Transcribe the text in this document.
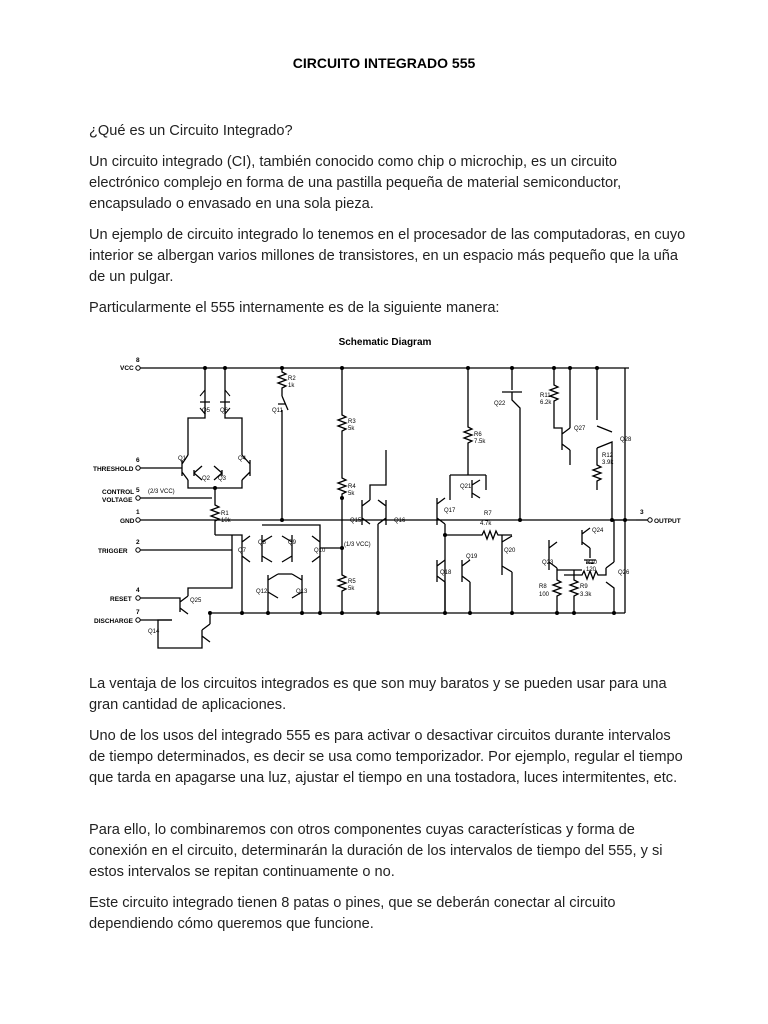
CIRCUITO INTEGRADO 555

¿Qué es un Circuito Integrado?

Un circuito integrado (CI), también conocido como chip o microchip, es un circuito electrónico complejo en forma de una pastilla pequeña de material semiconductor, encapsulado o envasado en una sola pieza.

Un ejemplo de circuito integrado lo tenemos en el procesador de las computadoras, en cuyo interior se albergan varios millones de transistores, en un espacio más pequeño que la uña de un pulgar.

Particularmente el 555 internamente es de la siguiente manera:

Schematic Diagram
8
VCC
6
THRESHOLD
5
CONTROL
VOLTAGE
(2/3 VCC)
1
GND
2
TRIGGER
4
RESET
7
DISCHARGE
3
OUTPUT
R2
1k
Q11
R3
5k
R4
5k
R5
5k
R1
10k
R6
7.5k
R7
4.7k
R8
100
R9
3.3k
R10
120
R11
6.2k
R12
3.9k
Q1
Q2 Q3
Q4
Q5 Q6
Q7
Q8	Q9
Q10
Q12	Q13
Q14
Q15	Q16
Q17
Q18
Q19
Q20
Q21
Q22
Q23
Q24
Q25
Q26
Q27
Q28
(1/3 VCC)

La ventaja de los circuitos integrados es que son muy baratos y se pueden usar para una gran cantidad de aplicaciones.

Uno de los usos del integrado 555 es para activar o desactivar circuitos durante intervalos de tiempo determinados, es decir se usa como temporizador. Por ejemplo, regular el tiempo que tarda en apagarse una luz, ajustar el tiempo en una tostadora, luces intermitentes, etc.

Para ello, lo combinaremos con otros componentes cuyas características y forma de conexión en el circuito, determinarán la duración de los intervalos de tiempo del 555, y si estos intervalos se repitan continuamente o no.

Este circuito integrado tienen 8 patas o pines, que se deberán conectar al circuito dependiendo cómo queremos que funcione.
